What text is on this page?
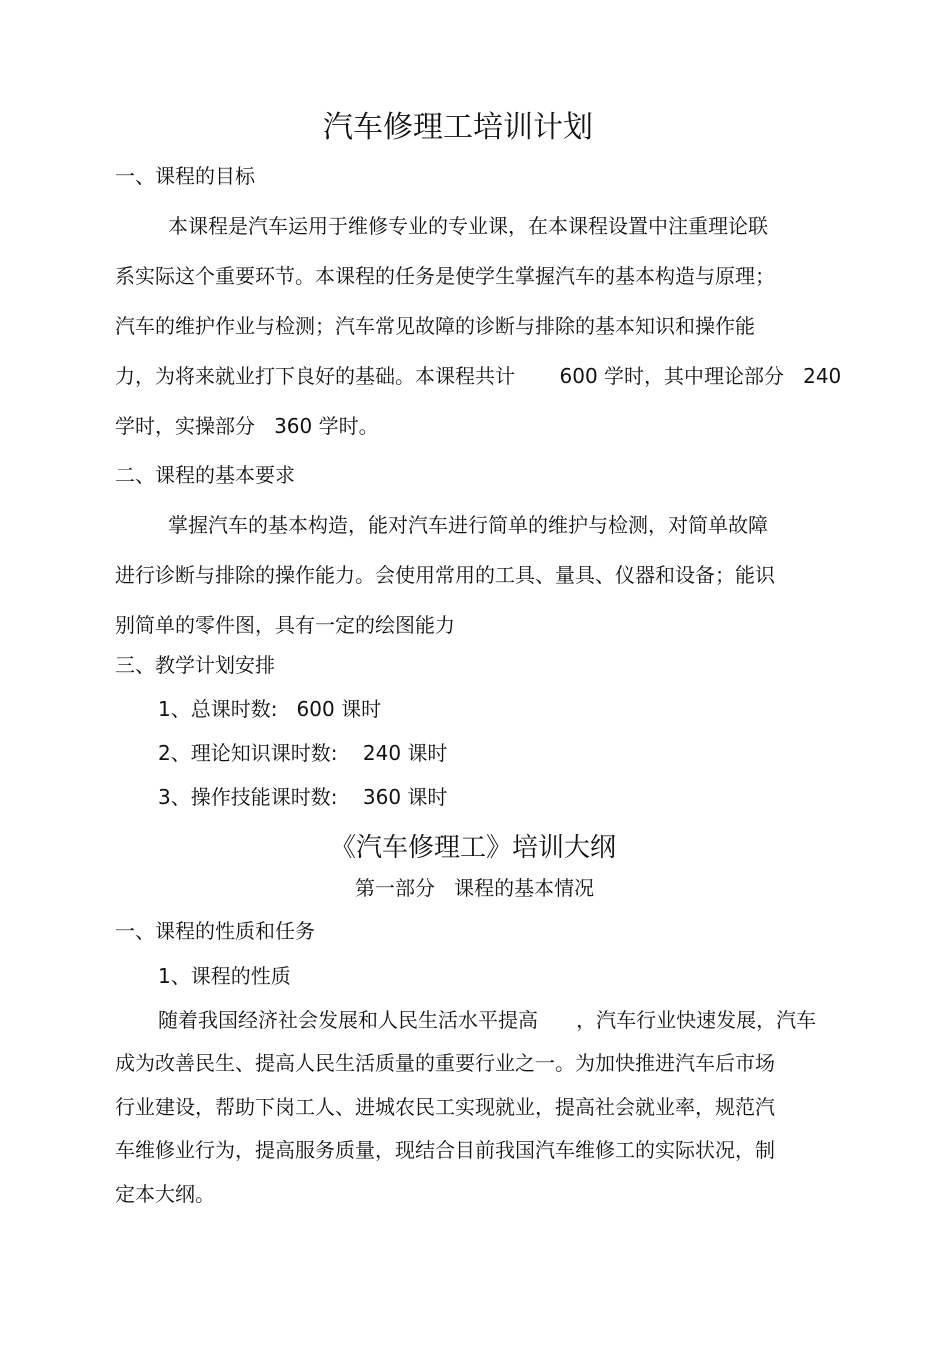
汽车修理工培训计划
一、课程的目标
本课程是汽车运用于维修专业的专业课，在本课程设置中注重理论联
系实际这个重要环节。本课程的任务是使学生掌握汽车的基本构造与原理；
汽车的维护作业与检测；汽车常见故障的诊断与排除的基本知识和操作能
力，为将来就业打下良好的基础。本课程共计       600 学时，其中理论部分   240
学时，实操部分   360 学时。
二、课程的基本要求
掌握汽车的基本构造，能对汽车进行简单的维护与检测，对简单故障
进行诊断与排除的操作能力。会使用常用的工具、量具、仪器和设备；能识
别简单的零件图，具有一定的绘图能力
三、教学计划安排
1、总课时数:   600 课时
2、理论知识课时数:    240 课时
3、操作技能课时数:    360 课时
《汽车修理工》培训大纲
第一部分   课程的基本情况
一、课程的性质和任务
1、课程的性质
随着我国经济社会发展和人民生活水平提高      ，汽车行业快速发展，汽车
成为改善民生、提高人民生活质量的重要行业之一。为加快推进汽车后市场
行业建设，帮助下岗工人、进城农民工实现就业，提高社会就业率，规范汽
车维修业行为，提高服务质量，现结合目前我国汽车维修工的实际状况，制
定本大纲。
